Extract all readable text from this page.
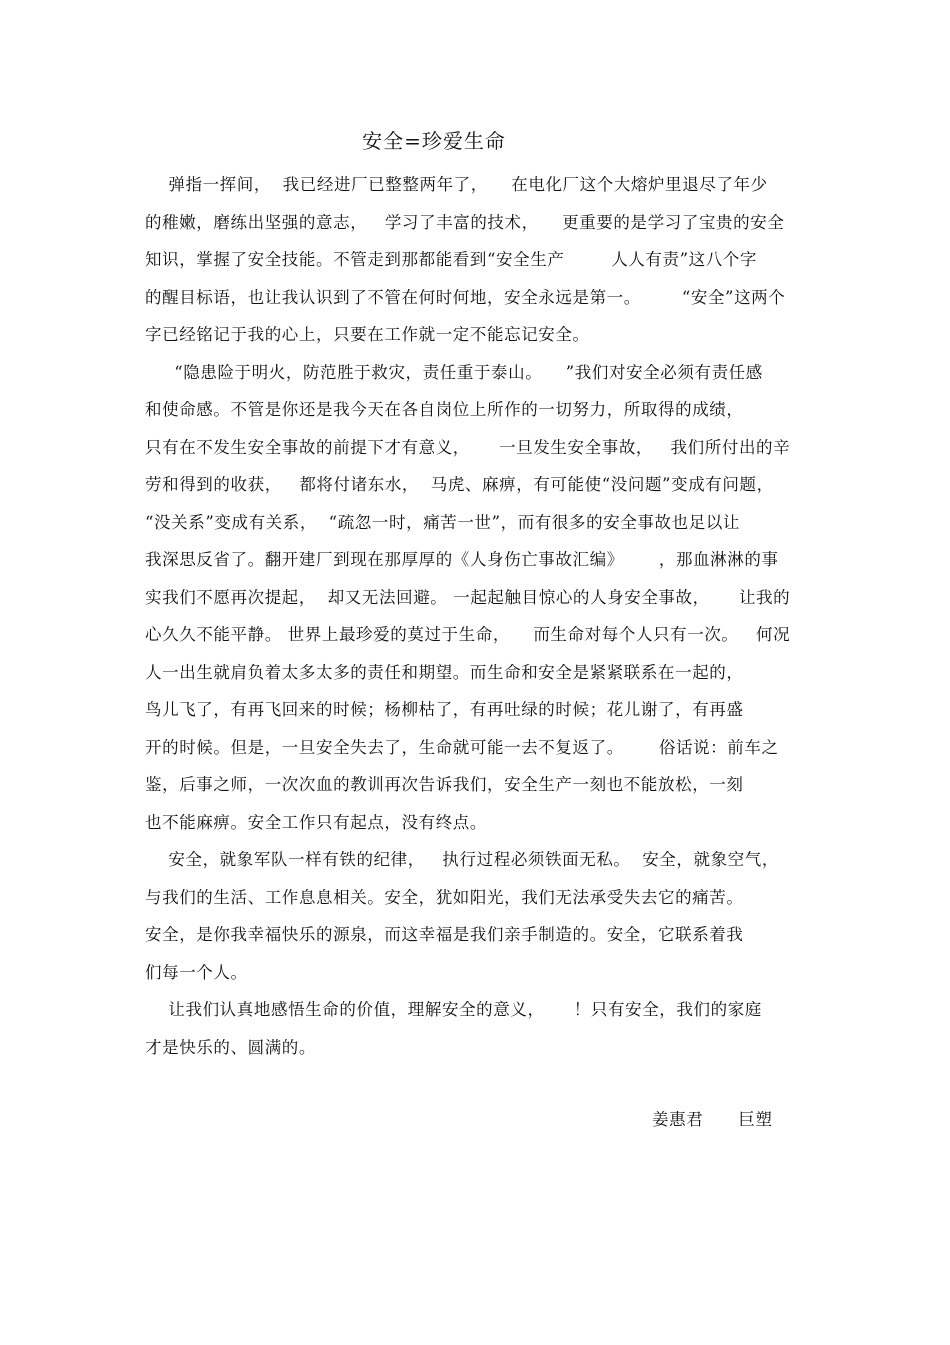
安全=珍爱生命
弹指一挥间，  我已经进厂已整整两年了，    在电化厂这个大熔炉里退尽了年少
的稚嫩，磨练出坚强的意志，   学习了丰富的技术，    更重要的是学习了宝贵的安全
知识，掌握了安全技能。不管走到那都能看到“安全生产        人人有责”这八个字
的醒目标语，也让我认识到了不管在何时何地，安全永远是第一。       “安全”这两个
字已经铭记于我的心上，只要在工作就一定不能忘记安全。
“隐患险于明火，防范胜于救灾，责任重于泰山。    ”我们对安全必须有责任感
和使命感。不管是你还是我今天在各自岗位上所作的一切努力，所取得的成绩，
只有在不发生安全事故的前提下才有意义，     一旦发生安全事故，   我们所付出的辛
劳和得到的收获，   都将付诸东水，  马虎、麻痹，有可能使“没问题”变成有问题，
“没关系”变成有关系，  “疏忽一时，痛苦一世”，而有很多的安全事故也足以让
我深思反省了。翻开建厂到现在那厚厚的《人身伤亡事故汇编》      ，那血淋淋的事
实我们不愿再次提起，  却又无法回避。 一起起触目惊心的人身安全事故，     让我的
心久久不能平静。 世界上最珍爱的莫过于生命，    而生命对每个人只有一次。   何况
人一出生就肩负着太多太多的责任和期望。而生命和安全是紧紧联系在一起的，
鸟儿飞了，有再飞回来的时候；杨柳枯了，有再吐绿的时候；花儿谢了，有再盛
开的时候。但是，一旦安全失去了，生命就可能一去不复返了。      俗话说：前车之
鉴，后事之师，一次次血的教训再次告诉我们，安全生产一刻也不能放松，一刻
也不能麻痹。安全工作只有起点，没有终点。
安全，就象军队一样有铁的纪律，   执行过程必须铁面无私。  安全，就象空气，
与我们的生活、工作息息相关。安全，犹如阳光，我们无法承受失去它的痛苦。
安全，是你我幸福快乐的源泉，而这幸福是我们亲手制造的。安全，它联系着我
们每一个人。
让我们认真地感悟生命的价值，理解安全的意义，     ！只有安全，我们的家庭
才是快乐的、圆满的。
姜惠君      巨塑
